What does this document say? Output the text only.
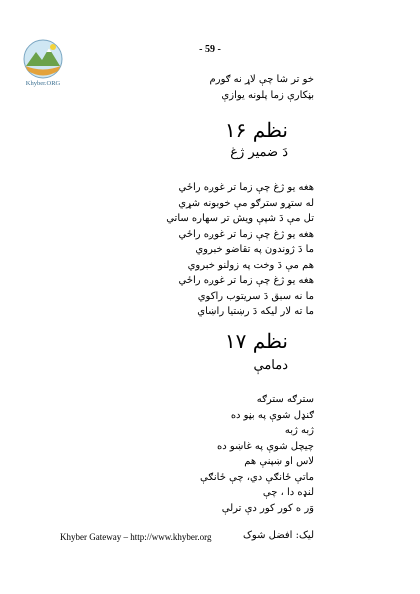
Khyber.ORG
- 59 -
خو تر شا چې لاړ نه ګورم
بڼکارې زما پلونه يوازې
نظم ۱۶
دَ ضمير ژغ
هغه يو ژغ چې زما تر غوږه راځي
له ستړو سترګو مې خوبونه شړي
تل مې دَ شپې ويش تر سهاره ساتي
هغه يو ژغ چې زما تر غوږه راځي
ما دَ ژوندون په تقاضو خبروي
هم مې دَ وخت په زولنو خبروي
هغه يو ژغ چې زما تر غوږه راځي
ما نه سبق دَ سريتوب راکوي
ما ته لار ليکه دَ رښتيا راښاي
نظم ۱۷
دمامې
سترګه سترګه
ګنډل شوې په بڼو ده
ژبه ژبه
چيچل شوې په غاښو ده
لاس او ښپنې هم
ماتې ځانګې دي، چې ځانګې
لنډه دا ، چې
وَر ه کور کور دې ترلې
Khyber Gateway – http://www.khyber.org	ليک: افضل شوک
